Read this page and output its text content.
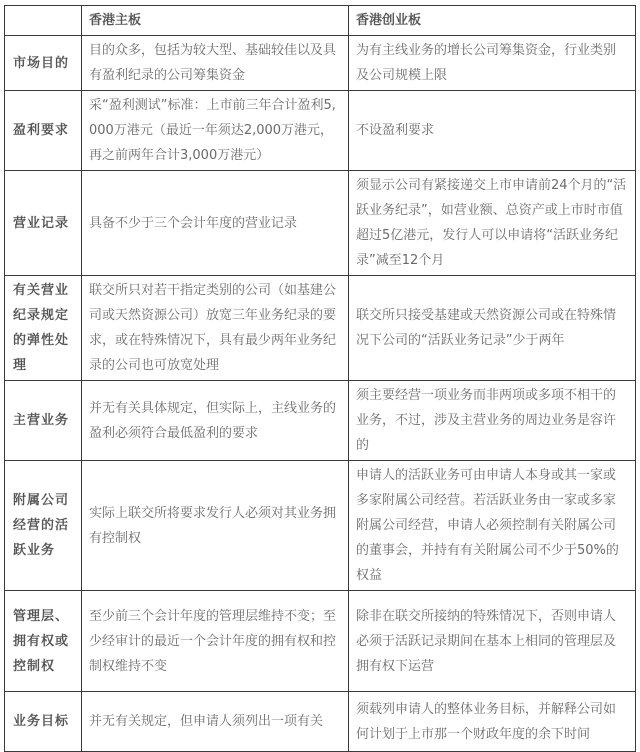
	香港主板	香港创业板
市场目的	目的众多，包括为较大型、基础较佳以及具有盈利纪录的公司筹集资金	为有主线业务的增长公司筹集资金，行业类别及公司规模上限
盈利要求	采“盈利测试”标准：上市前三年合计盈利5,000万港元（最近一年须达2,000万港元，再之前两年合计3,000万港元）	不设盈利要求
营业记录	具备不少于三个会计年度的营业记录	须显示公司有紧接递交上市申请前24个月的“活跃业务纪录”，如营业额、总资产或上市时市值超过5亿港元，发行人可以申请将“活跃业务纪录”减至12个月
有关营业纪录规定的弹性处理	联交所只对若干指定类别的公司（如基建公司或天然资源公司）放宽三年业务纪录的要求，或在特殊情况下，具有最少两年业务纪录的公司也可放宽处理	联交所只接受基建或天然资源公司或在特殊情况下公司的“活跃业务记录”少于两年
主营业务	并无有关具体规定，但实际上，主线业务的盈利必须符合最低盈利的要求	须主要经营一项业务而非两项或多项不相干的业务，不过，涉及主营业务的周边业务是容许的
附属公司经营的活跃业务	实际上联交所将要求发行人必须对其业务拥有控制权	申请人的活跃业务可由申请人本身或其一家或多家附属公司经营。若活跃业务由一家或多家附属公司经营，申请人必须控制有关附属公司的董事会，并持有有关附属公司不少于50%的权益
管理层、拥有权或控制权	至少前三个会计年度的管理层维持不变；至少经审计的最近一个会计年度的拥有权和控制权维持不变	除非在联交所接纳的特殊情况下，否则申请人必须于活跃记录期间在基本上相同的管理层及拥有权下运营
业务目标	并无有关规定，但申请人须列出一项有关	须载列申请人的整体业务目标，并解释公司如何计划于上市那一个财政年度的余下时间
